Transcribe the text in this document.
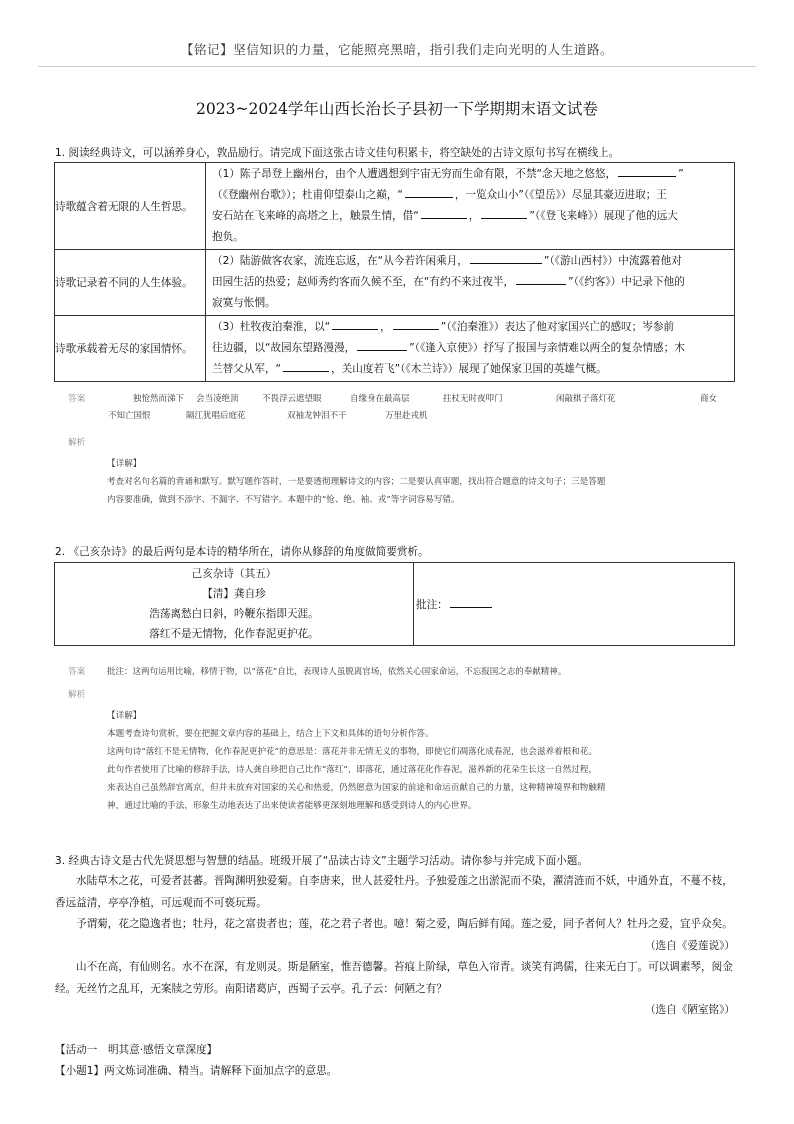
【铭记】坚信知识的力量，它能照亮黑暗，指引我们走向光明的人生道路。
2023~2024学年山西长治长子县初一下学期期末语文试卷
1. 阅读经典诗文，可以涵养身心，敦品励行。请完成下面这张古诗文佳句积累卡，将空缺处的古诗文原句书写在横线上。
诗歌蕴含着无限的人生哲思。	（1）陈子昂登上幽州台，由个人遭遇想到宇宙无穷而生命有限，不禁“念天地之悠悠， ”
（《登幽州台歌》）；杜甫仰望泰山之巅，“ ，一览众山小”（《望岳》）尽显其豪迈进取；王
安石站在飞来峰的高塔之上，触景生情，借“ ， ”（《登飞来峰》）展现了他的远大
抱负。
诗歌记录着不同的人生体验。	（2）陆游做客农家，流连忘返，在“从今若许闲乘月， ”（《游山西村》）中流露着他对
田园生活的热爱；赵师秀约客而久候不至，在“有约不来过夜半， ”（《约客》）中记录下他的
寂寞与怅惘。
诗歌承载着无尽的家国情怀。	（3）杜牧夜泊秦淮，以“ ， ”（《泊秦淮》）表达了他对家国兴亡的感叹；岑参前
往边疆，以“故园东望路漫漫， ”（《逢入京使》）抒写了报国与亲情难以两全的复杂情感；木
兰替父从军，“ ，关山度若飞”（《木兰诗》）展现了她保家卫国的英雄气概。
答案	独怆然而涕下 会当凌绝顶	不畏浮云遮望眼	自缘身在最高层	拄杖无时夜叩门	闲敲棋子落灯花	商女
不知亡国恨	隔江犹唱后庭花	双袖龙钟泪不干	万里赴戎机
解析
【详解】
考查对名句名篇的背诵和默写。默写题作答时，一是要透彻理解诗文的内容；二是要认真审题，找出符合题意的诗文句子；三是答题
内容要准确，做到不添字、不漏字、不写错字。本题中的“怆、绝、袖、戎”等字词容易写错。
2. 《己亥杂诗》的最后两句是本诗的精华所在，请你从修辞的角度做简要赏析。
己亥杂诗（其五）
【清】龚自珍
浩荡离愁白日斜，吟鞭东指即天涯。
落红不是无情物，化作春泥更护花。
	批注：
答案	批注：这两句运用比喻，移情于物，以“落花”自比，表现诗人虽脱离官场，依然关心国家命运，不忘报国之志的奉献精神。
解析
【详解】
本题考查诗句赏析，要在把握文章内容的基础上，结合上下文和具体的语句分析作答。
这两句诗“落红不是无情物，化作春泥更护花”的意思是：落花并非无情无义的事物，即使它们凋落化成春泥，也会滋养着根和花。
此句作者使用了比喻的修辞手法，诗人龚自珍把自己比作“落红”，即落花，通过落花化作春泥，滋养新的花朵生长这一自然过程，
来表达自己虽然辞官离京，但并未放弃对国家的关心和热爱，仍然愿意为国家的前途和命运贡献自己的力量，这种精神境界和物触精
神，通过比喻的手法，形象生动地表达了出来使读者能够更深刻地理解和感受到诗人的内心世界。
3. 经典古诗文是古代先贤思想与智慧的结晶。班级开展了“品读古诗文”主题学习活动。请你参与并完成下面小题。

水陆草木之花，可爱者甚蕃。晋陶渊明独爱菊。自李唐来，世人甚爱牡丹。予独爱莲之出淤泥而不染，濯清涟而不妖，中通外直，不蔓不枝，香远益清，亭亭净植，可远观而不可亵玩焉。

予谓菊，花之隐逸者也；牡丹，花之富贵者也；莲，花之君子者也。噫！菊之爱，陶后鲜有闻。莲之爱，同予者何人？牡丹之爱，宜乎众矣。

（选自《爱莲说》）

山不在高，有仙则名。水不在深，有龙则灵。斯是陋室，惟吾德馨。苔痕上阶绿，草色入帘青。谈笑有鸿儒，往来无白丁。可以调素琴，阅金经。无丝竹之乱耳，无案牍之劳形。南阳诸葛庐，西蜀子云亭。孔子云：何陋之有？

（选自《陋室铭》）
【活动一　明其意·感悟文章深度】
【小题1】两文炼词准确、精当。请解释下面加点字的意思。
